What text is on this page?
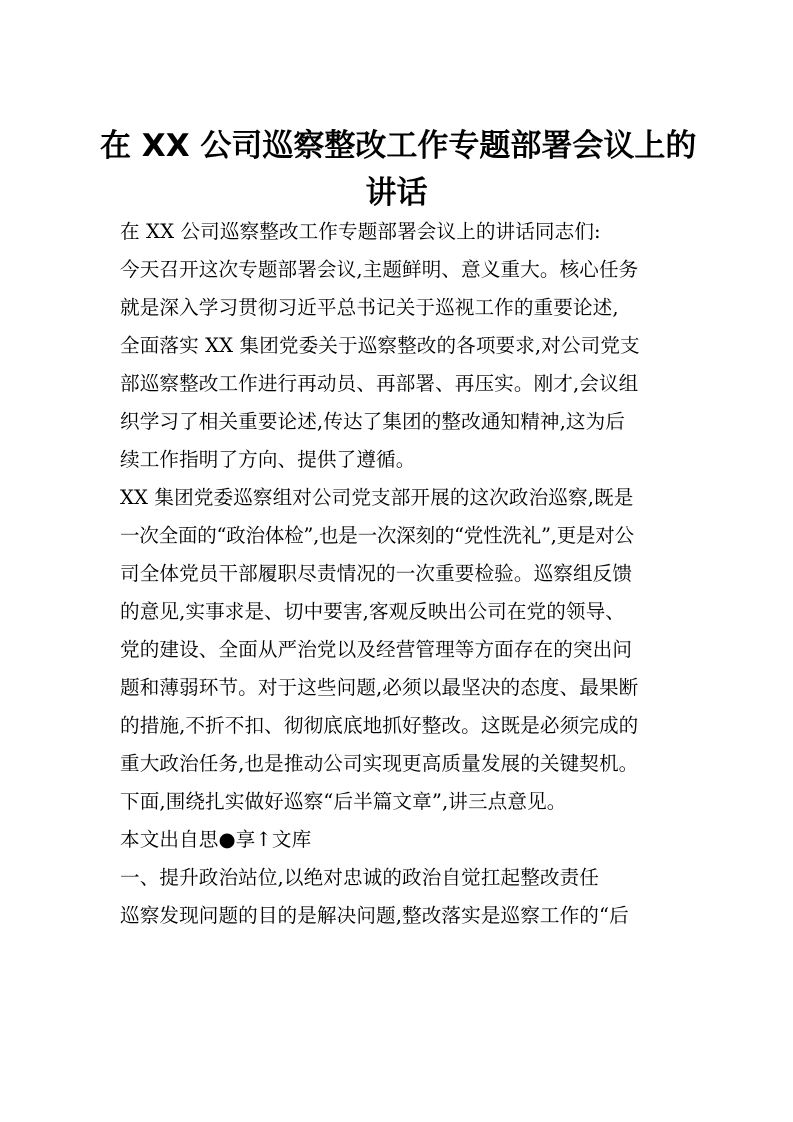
在 XX 公司巡察整改工作专题部署会议上的
讲话
在 XX 公司巡察整改工作专题部署会议上的讲话同志们:
今天召开这次专题部署会议,主题鲜明、意义重大。核心任务
就是深入学习贯彻习近平总书记关于巡视工作的重要论述,
全面落实 XX 集团党委关于巡察整改的各项要求,对公司党支
部巡察整改工作进行再动员、再部署、再压实。刚才,会议组
织学习了相关重要论述,传达了集团的整改通知精神,这为后
续工作指明了方向、提供了遵循。
XX 集团党委巡察组对公司党支部开展的这次政治巡察,既是
一次全面的“政治体检”,也是一次深刻的“党性洗礼”,更是对公
司全体党员干部履职尽责情况的一次重要检验。巡察组反馈
的意见,实事求是、切中要害,客观反映出公司在党的领导、
党的建设、全面从严治党以及经营管理等方面存在的突出问
题和薄弱环节。对于这些问题,必须以最坚决的态度、最果断
的措施,不折不扣、彻彻底底地抓好整改。这既是必须完成的
重大政治任务,也是推动公司实现更高质量发展的关键契机。
下面,围绕扎实做好巡察“后半篇文章”,讲三点意见。
本文出自思●享↑文库
一、提升政治站位,以绝对忠诚的政治自觉扛起整改责任
巡察发现问题的目的是解决问题,整改落实是巡察工作的“后
